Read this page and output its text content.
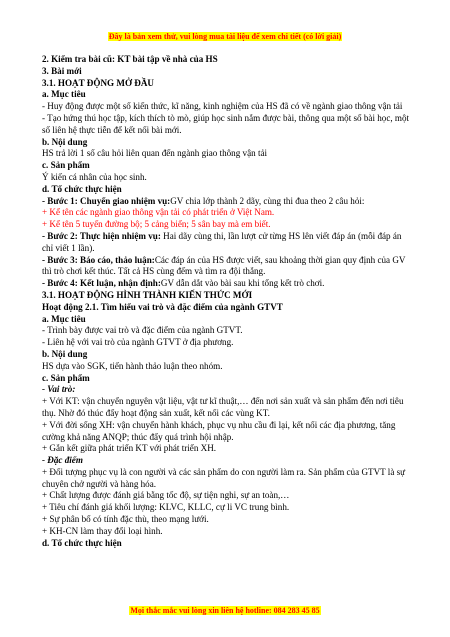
Đây là bản xem thử, vui lòng mua tài liệu để xem chi tiết (có lời giải)
2. Kiểm tra bài cũ: KT bài tập về nhà của HS
3. Bài mới
3.1. HOẠT ĐỘNG MỞ ĐẦU
a. Mục tiêu
- Huy động được một số kiến thức, kĩ năng, kinh nghiệm của HS đã có về ngành giao thông vận tải
- Tạo hứng thú học tập, kích thích tò mò, giúp học sinh nắm được bài, thông qua một số bài học, một số liên hệ thực tiễn để kết nối bài mới.
b. Nội dung
HS trả lời 1 số câu hỏi liên quan đến ngành giao thông vận tải
c. Sản phẩm
Ý kiến cá nhân của học sinh.
d. Tổ chức thực hiện
- Bước 1: Chuyển giao nhiệm vụ:GV chia lớp thành 2 dãy, cùng thi đua theo 2 câu hỏi:
+ Kể tên các ngành giao thông vận tải có phát triển ở Việt Nam.
+ Kể tên 5 tuyến đường bộ; 5 cảng biển; 5 sân bay mà em biết.
- Bước 2: Thực hiện nhiệm vụ: Hai dãy cùng thi, lần lượt cử từng HS lên viết đáp án (mỗi đáp án chỉ viết 1 lần).
- Bước 3: Báo cáo, thảo luận:Các đáp án của HS được viết, sau khoảng thời gian quy định của GV thì trò chơi kết thúc. Tất cả HS cùng đếm và tìm ra đội thắng.
- Bước 4: Kết luận, nhận định:GV dẫn dắt vào bài sau khi tổng kết trò chơi.
3.1. HOẠT ĐỘNG HÌNH THÀNH KIẾN THỨC MỚI
Hoạt động 2.1. Tìm hiểu vai trò và đặc điểm của ngành GTVT
a. Mục tiêu
- Trình bày được vai trò và đặc điểm của ngành GTVT.
- Liên hệ với vai trò của ngành GTVT ở địa phương.
b. Nội dung
HS dựa vào SGK, tiến hành thảo luận theo nhóm.
c. Sản phẩm
- Vai trò:
+ Với KT: vận chuyển nguyên vật liệu, vật tư kĩ thuật,… đến nơi sản xuất và sản phẩm đến nơi tiêu thụ. Nhờ đó thúc đẩy hoạt động sản xuất, kết nối các vùng KT.
+ Với đời sống XH: vận chuyển hành khách, phục vụ nhu cầu đi lại, kết nối các địa phương, tăng cường khả năng ANQP; thúc đẩy quá trình hội nhập.
+ Gắn kết giữa phát triển KT với phát triển XH.
- Đặc điểm
+ Đối tượng phục vụ là con người và các sản phẩm do con người làm ra. Sản phẩm của GTVT là sự chuyên chở người và hàng hóa.
+ Chất lượng được đánh giá bằng tốc độ, sự tiện nghi, sự an toàn,…
+ Tiêu chí đánh giá khối lượng: KLVC, KLLC, cự li VC trung bình.
+ Sự phân bố có tính đặc thù, theo mạng lưới.
+ KH-CN làm thay đổi loại hình.
d. Tổ chức thực hiện
Mọi thắc mắc vui lòng xin liên hệ hotline: 084 283 45 85
